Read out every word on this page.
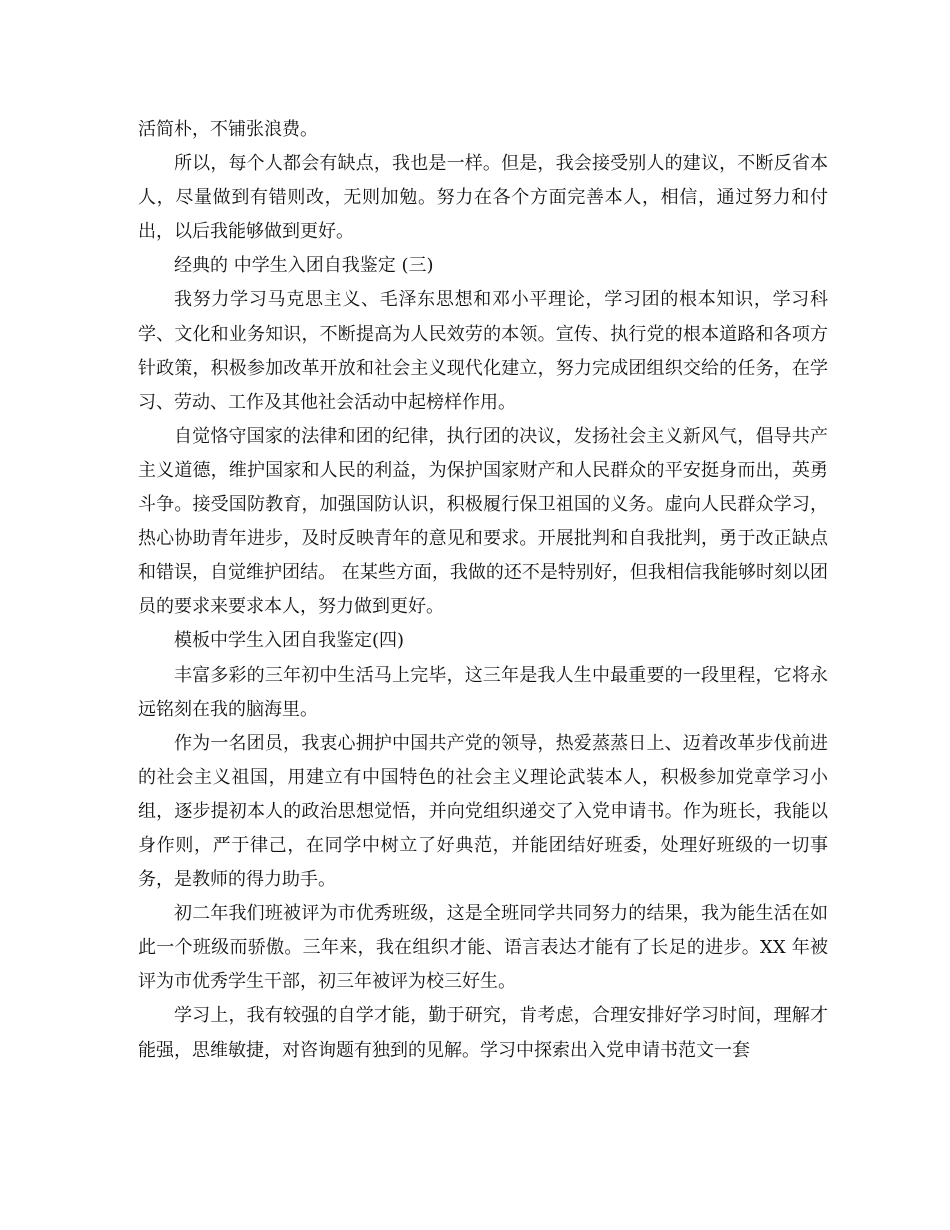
活简朴，不铺张浪费。

所以，每个人都会有缺点，我也是一样。但是，我会接受别人的建议，不断反省本人，尽量做到有错则改，无则加勉。努力在各个方面完善本人，相信，通过努力和付出，以后我能够做到更好。

经典的 中学生入团自我鉴定 (三)

我努力学习马克思主义、毛泽东思想和邓小平理论，学习团的根本知识，学习科学、文化和业务知识，不断提高为人民效劳的本领。宣传、执行党的根本道路和各项方针政策，积极参加改革开放和社会主义现代化建立，努力完成团组织交给的任务，在学习、劳动、工作及其他社会活动中起榜样作用。

自觉恪守国家的法律和团的纪律，执行团的决议，发扬社会主义新风气，倡导共产主义道德，维护国家和人民的利益，为保护国家财产和人民群众的平安挺身而出，英勇斗争。接受国防教育，加强国防认识，积极履行保卫祖国的义务。虚向人民群众学习，热心协助青年进步，及时反映青年的意见和要求。开展批判和自我批判，勇于改正缺点和错误，自觉维护团结。 在某些方面，我做的还不是特别好，但我相信我能够时刻以团员的要求来要求本人，努力做到更好。

模板中学生入团自我鉴定(四)

丰富多彩的三年初中生活马上完毕，这三年是我人生中最重要的一段里程，它将永远铭刻在我的脑海里。

作为一名团员，我衷心拥护中国共产党的领导，热爱蒸蒸日上、迈着改革步伐前进的社会主义祖国，用建立有中国特色的社会主义理论武装本人，积极参加党章学习小组，逐步提初本人的政治思想觉悟，并向党组织递交了入党申请书。作为班长，我能以身作则，严于律己，在同学中树立了好典范，并能团结好班委，处理好班级的一切事务，是教师的得力助手。

初二年我们班被评为市优秀班级，这是全班同学共同努力的结果，我为能生活在如此一个班级而骄傲。三年来，我在组织才能、语言表达才能有了长足的进步。XX 年被评为市优秀学生干部，初三年被评为校三好生。

学习上，我有较强的自学才能，勤于研究，肯考虑，合理安排好学习时间，理解才能强，思维敏捷，对咨询题有独到的见解。学习中探索出入党申请书范文一套
